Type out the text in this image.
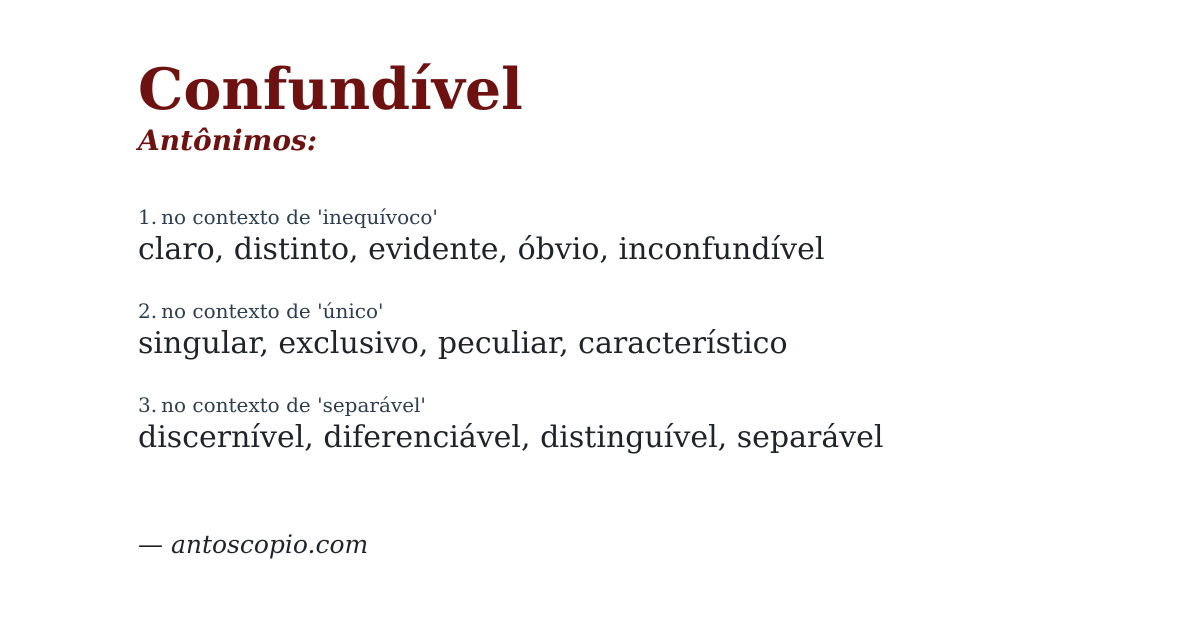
Confundível
Antônimos:
1. no contexto de 'inequívoco'
claro, distinto, evidente, óbvio, inconfundível
2. no contexto de 'único'
singular, exclusivo, peculiar, característico
3. no contexto de 'separável'
discernível, diferenciável, distinguível, separável
— antoscopio.com
